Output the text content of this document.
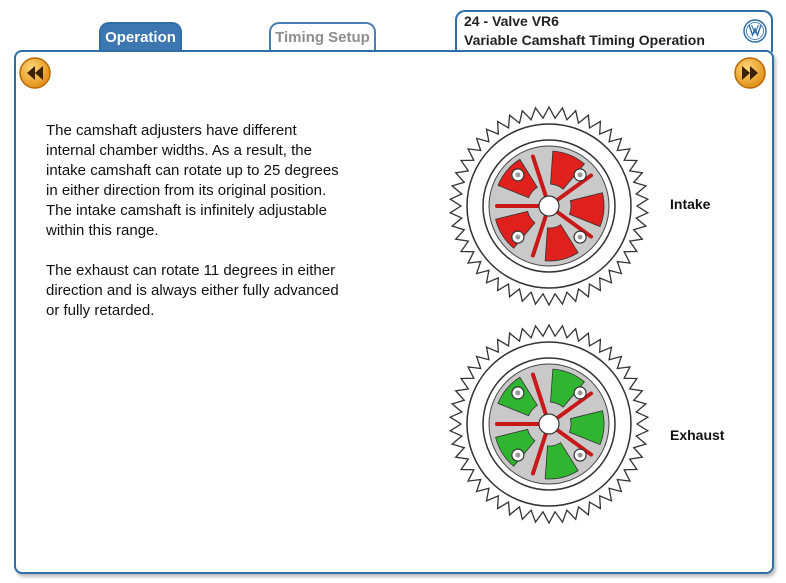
Operation	Timing Setup
24 - Valve VR6
Variable Camshaft Timing Operation
The camshaft adjusters have different internal chamber widths. As a result, the intake camshaft can rotate up to 25 degrees in either direction from its original position. The intake camshaft is infinitely adjustable within this range.
The exhaust can rotate 11 degrees in either direction and is always either fully advanced or fully retarded.
Intake
Exhaust
